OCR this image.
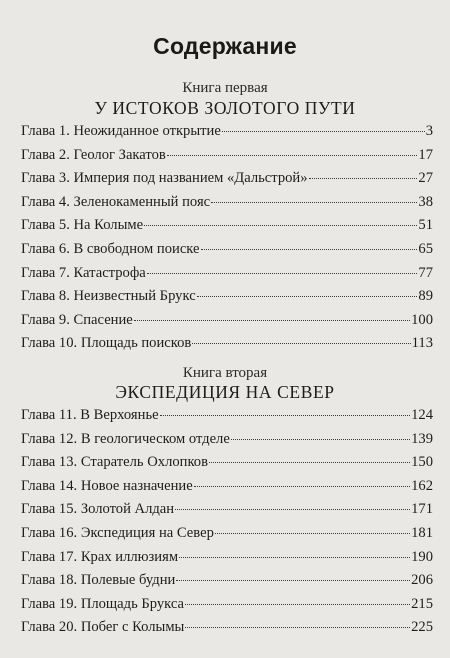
Содержание
Книга первая
У ИСТОКОВ ЗОЛОТОГО ПУТИ
Глава 1. Неожиданное открытие	3
Глава 2. Геолог Закатов	17
Глава 3. Империя под названием «Дальстрой»	27
Глава 4. Зеленокаменный пояс	38
Глава 5. На Колыме	51
Глава 6. В свободном поиске	65
Глава 7. Катастрофа	77
Глава 8. Неизвестный Брукс	89
Глава 9. Спасение	100
Глава 10. Площадь поисков	113
Книга вторая
ЭКСПЕДИЦИЯ НА СЕВЕР
Глава 11. В Верхоянье	124
Глава 12. В геологическом отделе	139
Глава 13. Старатель Охлопков	150
Глава 14. Новое назначение	162
Глава 15. Золотой Алдан	171
Глава 16. Экспедиция на Север	181
Глава 17. Крах иллюзиям	190
Глава 18. Полевые будни	206
Глава 19. Площадь Брукса	215
Глава 20. Побег с Колымы	225
